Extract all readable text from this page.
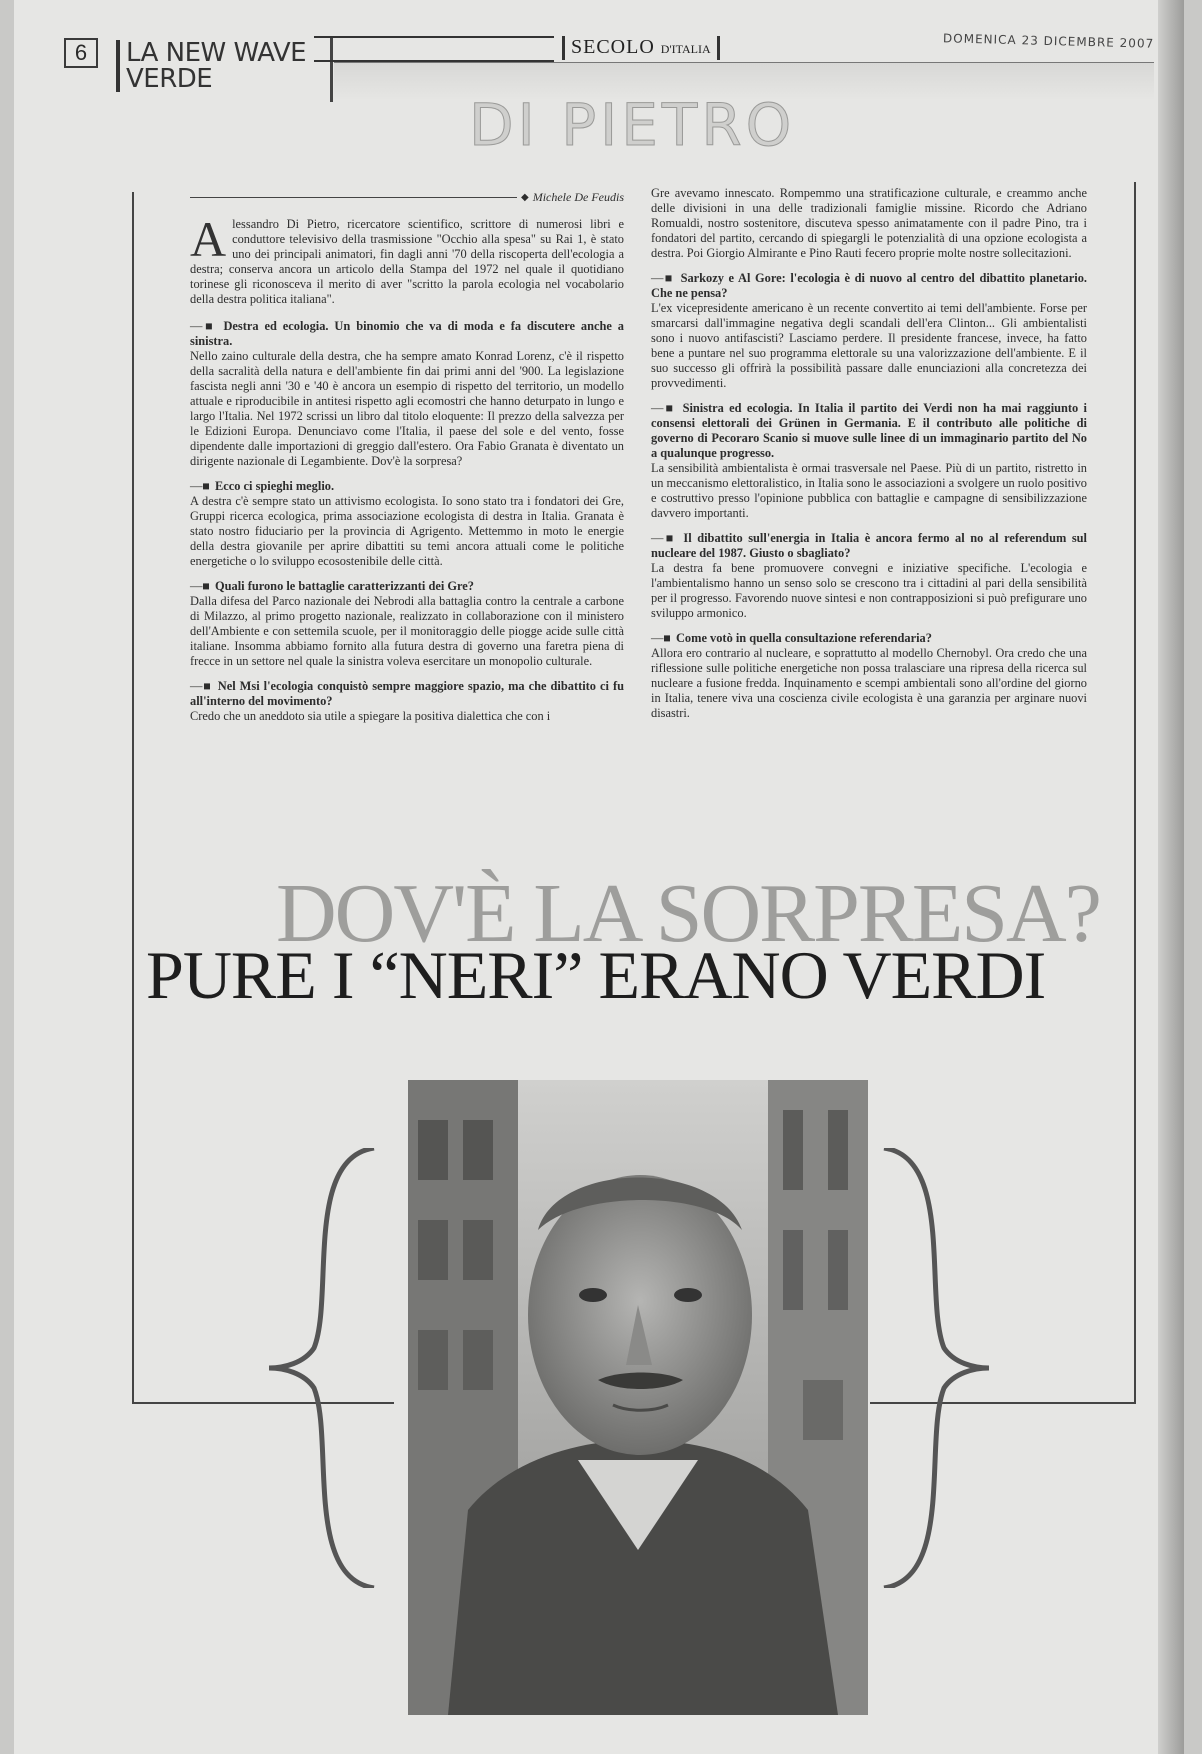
6	LA NEW WAVE
VERDE
SECOLO D'ITALIA	DOMENICA 23 DICEMBRE 2007
DI PIETRO
◆ Michele De Feudis

Alessandro Di Pietro, ricercatore scientifico, scrittore di numerosi libri e conduttore televisivo della trasmissione "Occhio alla spesa" su Rai 1, è stato uno dei principali animatori, fin dagli anni '70 della riscoperta dell'ecologia a destra; conserva ancora un articolo della Stampa del 1972 nel quale il quotidiano torinese gli riconosceva il merito di aver "scritto la parola ecologia nel vocabolario della destra politica italiana".

—■ Destra ed ecologia. Un binomio che va di moda e fa discutere anche a sinistra.

Nello zaino culturale della destra, che ha sempre amato Konrad Lorenz, c'è il rispetto della sacralità della natura e dell'ambiente fin dai primi anni del '900. La legislazione fascista negli anni '30 e '40 è ancora un esempio di rispetto del territorio, un modello attuale e riproducibile in antitesi rispetto agli ecomostri che hanno deturpato in lungo e largo l'Italia. Nel 1972 scrissi un libro dal titolo eloquente: Il prezzo della salvezza per le Edizioni Europa. Denunciavo come l'Italia, il paese del sole e del vento, fosse dipendente dalle importazioni di greggio dall'estero. Ora Fabio Granata è diventato un dirigente nazionale di Legambiente. Dov'è la sorpresa?

—■ Ecco ci spieghi meglio.

A destra c'è sempre stato un attivismo ecologista. Io sono stato tra i fondatori dei Gre, Gruppi ricerca ecologica, prima associazione ecologista di destra in Italia. Granata è stato nostro fiduciario per la provincia di Agrigento. Mettemmo in moto le energie della destra giovanile per aprire dibattiti su temi ancora attuali come le politiche energetiche o lo sviluppo ecosostenibile delle città.

—■ Quali furono le battaglie caratterizzanti dei Gre?

Dalla difesa del Parco nazionale dei Nebrodi alla battaglia contro la centrale a carbone di Milazzo, al primo progetto nazionale, realizzato in collaborazione con il ministero dell'Ambiente e con settemila scuole, per il monitoraggio delle piogge acide sulle città italiane. Insomma abbiamo fornito alla futura destra di governo una faretra piena di frecce in un settore nel quale la sinistra voleva esercitare un monopolio culturale.

—■ Nel Msi l'ecologia conquistò sempre maggiore spazio, ma che dibattito ci fu all'interno del movimento?

Credo che un aneddoto sia utile a spiegare la positiva dialettica che con i

Gre avevamo innescato. Rompemmo una stratificazione culturale, e creammo anche delle divisioni in una delle tradizionali famiglie missine. Ricordo che Adriano Romualdi, nostro sostenitore, discuteva spesso animatamente con il padre Pino, tra i fondatori del partito, cercando di spiegargli le potenzialità di una opzione ecologista a destra. Poi Giorgio Almirante e Pino Rauti fecero proprie molte nostre sollecitazioni.

—■ Sarkozy e Al Gore: l'ecologia è di nuovo al centro del dibattito planetario. Che ne pensa?

L'ex vicepresidente americano è un recente convertito ai temi dell'ambiente. Forse per smarcarsi dall'immagine negativa degli scandali dell'era Clinton... Gli ambientalisti sono i nuovo antifascisti? Lasciamo perdere. Il presidente francese, invece, ha fatto bene a puntare nel suo programma elettorale su una valorizzazione dell'ambiente. E il suo successo gli offrirà la possibilità passare dalle enunciazioni alla concretezza dei provvedimenti.

—■ Sinistra ed ecologia. In Italia il partito dei Verdi non ha mai raggiunto i consensi elettorali dei Grünen in Germania. E il contributo alle politiche di governo di Pecoraro Scanio si muove sulle linee di un immaginario partito del No a qualunque progresso.

La sensibilità ambientalista è ormai trasversale nel Paese. Più di un partito, ristretto in un meccanismo elettoralistico, in Italia sono le associazioni a svolgere un ruolo positivo e costruttivo presso l'opinione pubblica con battaglie e campagne di sensibilizzazione davvero importanti.

—■ Il dibattito sull'energia in Italia è ancora fermo al no al referendum sul nucleare del 1987. Giusto o sbagliato?

La destra fa bene promuovere convegni e iniziative specifiche. L'ecologia e l'ambientalismo hanno un senso solo se crescono tra i cittadini al pari della sensibilità per il progresso. Favorendo nuove sintesi e non contrapposizioni si può prefigurare uno sviluppo armonico.

—■ Come votò in quella consultazione referendaria?

Allora ero contrario al nucleare, e soprattutto al modello Chernobyl. Ora credo che una riflessione sulle politiche energetiche non possa tralasciare una ripresa della ricerca sul nucleare a fusione fredda. Inquinamento e scempi ambientali sono all'ordine del giorno in Italia, tenere viva una coscienza civile ecologista è una garanzia per arginare nuovi disastri.

DOV'È LA SORPRESA?
PURE I “NERI” ERANO VERDI
